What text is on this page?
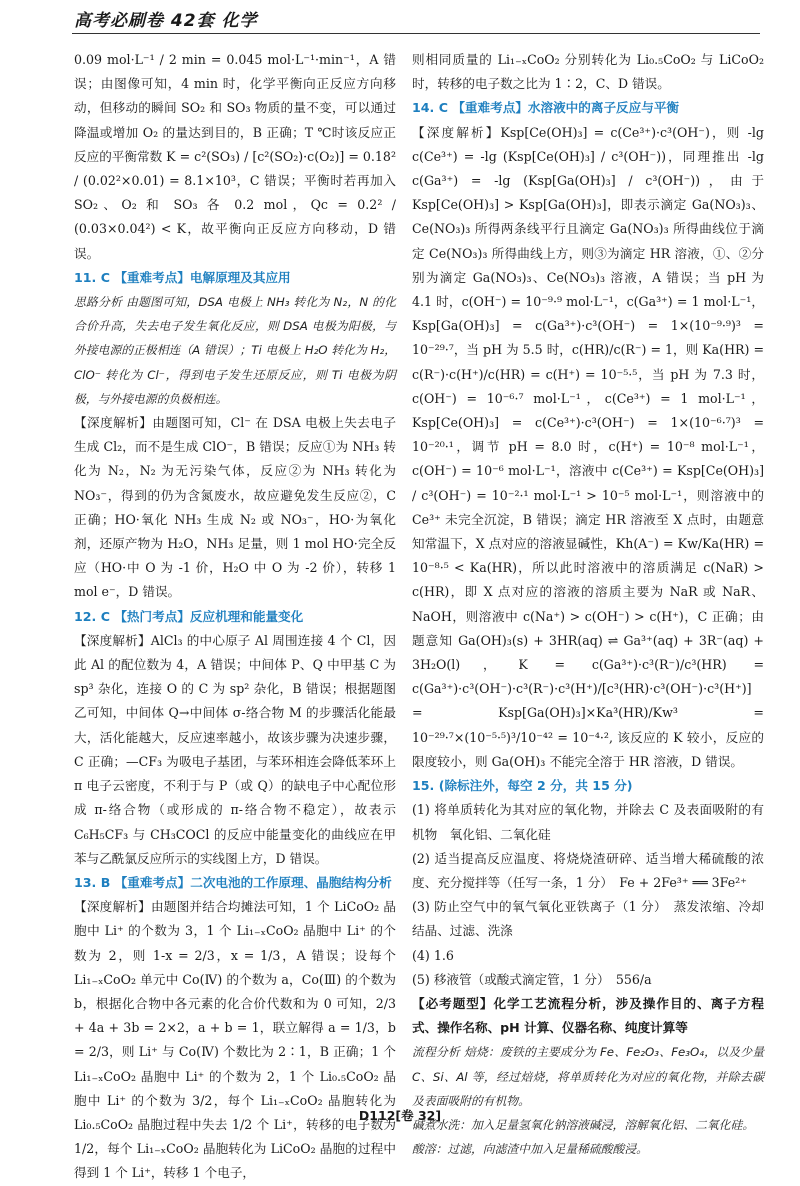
高考必刷卷 42套 化学

0.09 mol·L⁻¹ / 2 min = 0.045 mol·L⁻¹·min⁻¹，A 错误；由图像可知，4 min 时，化学平衡向正反应方向移动，但移动的瞬间 SO₂ 和 SO₃ 物质的量不变，可以通过降温或增加 O₂ 的量达到目的，B 正确；T ℃时该反应正反应的平衡常数 K = c²(SO₃) / [c²(SO₂)·c(O₂)] = 0.18² / (0.02²×0.01) = 8.1×10³，C 错误；平衡时若再加入 SO₂、O₂ 和 SO₃ 各 0.2 mol，Qc = 0.2² / (0.03×0.04²) < K，故平衡向正反应方向移动，D 错误。

11. C 【重难考点】电解原理及其应用

思路分析 由题图可知，DSA 电极上 NH₃ 转化为 N₂，N 的化合价升高，失去电子发生氧化反应，则 DSA 电极为阳极，与外接电源的正极相连（A 错误）；Ti 电极上 H₂O 转化为 H₂，ClO⁻ 转化为 Cl⁻，得到电子发生还原反应，则 Ti 电极为阴极，与外接电源的负极相连。

【深度解析】由题图可知，Cl⁻ 在 DSA 电极上失去电子生成 Cl₂，而不是生成 ClO⁻，B 错误；反应①为 NH₃ 转化为 N₂，N₂ 为无污染气体，反应②为 NH₃ 转化为 NO₃⁻，得到的仍为含氮废水，故应避免发生反应②，C 正确；HO·氧化 NH₃ 生成 N₂ 或 NO₃⁻，HO·为氧化剂，还原产物为 H₂O，NH₃ 足量，则 1 mol HO·完全反应（HO·中 O 为 -1 价，H₂O 中 O 为 -2 价），转移 1 mol e⁻，D 错误。

12. C 【热门考点】反应机理和能量变化

【深度解析】AlCl₃ 的中心原子 Al 周围连接 4 个 Cl，因此 Al 的配位数为 4，A 错误；中间体 P、Q 中甲基 C 为 sp³ 杂化，连接 O 的 C 为 sp² 杂化，B 错误；根据题图乙可知，中间体 Q→中间体 σ-络合物 M 的步骤活化能最大，活化能越大，反应速率越小，故该步骤为决速步骤，C 正确；—CF₃ 为吸电子基团，与苯环相连会降低苯环上 π 电子云密度，不利于与 P（或 Q）的缺电子中心配位形成 π-络合物（或形成的 π-络合物不稳定），故表示 C₆H₅CF₃ 与 CH₃COCl 的反应中能量变化的曲线应在甲苯与乙酰氯反应所示的实线图上方，D 错误。

13. B 【重难考点】二次电池的工作原理、晶胞结构分析

【深度解析】由题图并结合均摊法可知，1 个 LiCoO₂ 晶胞中 Li⁺ 的个数为 3，1 个 Li₁₋ₓCoO₂ 晶胞中 Li⁺ 的个数为 2，则 1-x = 2/3，x = 1/3，A 错误；设每个 Li₁₋ₓCoO₂ 单元中 Co(Ⅳ) 的个数为 a，Co(Ⅲ) 的个数为 b，根据化合物中各元素的化合价代数和为 0 可知，2/3 + 4a + 3b = 2×2，a + b = 1，联立解得 a = 1/3，b = 2/3，则 Li⁺ 与 Co(Ⅳ) 个数比为 2∶1，B 正确；1 个 Li₁₋ₓCoO₂ 晶胞中 Li⁺ 的个数为 2，1 个 Li₀.₅CoO₂ 晶胞中 Li⁺ 的个数为 3/2，每个 Li₁₋ₓCoO₂ 晶胞转化为 Li₀.₅CoO₂ 晶胞过程中失去 1/2 个 Li⁺，转移的电子数为 1/2，每个 Li₁₋ₓCoO₂ 晶胞转化为 LiCoO₂ 晶胞的过程中得到 1 个 Li⁺，转移 1 个电子，

则相同质量的 Li₁₋ₓCoO₂ 分别转化为 Li₀.₅CoO₂ 与 LiCoO₂ 时，转移的电子数之比为 1∶2，C、D 错误。

14. C 【重难考点】水溶液中的离子反应与平衡

【深度解析】Ksp[Ce(OH)₃] = c(Ce³⁺)·c³(OH⁻)，则 -lg c(Ce³⁺) = -lg (Ksp[Ce(OH)₃] / c³(OH⁻))，同理推出 -lg c(Ga³⁺) = -lg (Ksp[Ga(OH)₃] / c³(OH⁻))，由于 Ksp[Ce(OH)₃] > Ksp[Ga(OH)₃]，即表示滴定 Ga(NO₃)₃、Ce(NO₃)₃ 所得两条线平行且滴定 Ga(NO₃)₃ 所得曲线位于滴定 Ce(NO₃)₃ 所得曲线上方，则③为滴定 HR 溶液，①、②分别为滴定 Ga(NO₃)₃、Ce(NO₃)₃ 溶液，A 错误；当 pH 为 4.1 时，c(OH⁻) = 10⁻⁹·⁹ mol·L⁻¹，c(Ga³⁺) = 1 mol·L⁻¹，Ksp[Ga(OH)₃] = c(Ga³⁺)·c³(OH⁻) = 1×(10⁻⁹·⁹)³ = 10⁻²⁹·⁷，当 pH 为 5.5 时，c(HR)/c(R⁻) = 1，则 Ka(HR) = c(R⁻)·c(H⁺)/c(HR) = c(H⁺) = 10⁻⁵·⁵，当 pH 为 7.3 时，c(OH⁻) = 10⁻⁶·⁷ mol·L⁻¹，c(Ce³⁺) = 1 mol·L⁻¹，Ksp[Ce(OH)₃] = c(Ce³⁺)·c³(OH⁻) = 1×(10⁻⁶·⁷)³ = 10⁻²⁰·¹，调节 pH = 8.0 时，c(H⁺) = 10⁻⁸ mol·L⁻¹，c(OH⁻) = 10⁻⁶ mol·L⁻¹，溶液中 c(Ce³⁺) = Ksp[Ce(OH)₃] / c³(OH⁻) = 10⁻²·¹ mol·L⁻¹ > 10⁻⁵ mol·L⁻¹，则溶液中的 Ce³⁺ 未完全沉淀，B 错误；滴定 HR 溶液至 X 点时，由题意知常温下，X 点对应的溶液显碱性，Kh(A⁻) = Kw/Ka(HR) = 10⁻⁸·⁵ < Ka(HR)，所以此时溶液中的溶质满足 c(NaR) > c(HR)，即 X 点对应的溶液的溶质主要为 NaR 或 NaR、NaOH，则溶液中 c(Na⁺) > c(OH⁻) > c(H⁺)，C 正确；由题意知 Ga(OH)₃(s) + 3HR(aq) ⇌ Ga³⁺(aq) + 3R⁻(aq) + 3H₂O(l)，K = c(Ga³⁺)·c³(R⁻)/c³(HR) = c(Ga³⁺)·c³(OH⁻)·c³(R⁻)·c³(H⁺)/[c³(HR)·c³(OH⁻)·c³(H⁺)] = Ksp[Ga(OH)₃]×Ka³(HR)/Kw³ = 10⁻²⁹·⁷×(10⁻⁵·⁵)³/10⁻⁴² = 10⁻⁴·², 该反应的 K 较小，反应的限度较小，则 Ga(OH)₃ 不能完全溶于 HR 溶液，D 错误。

15. (除标注外，每空 2 分，共 15 分)

(1) 将单质转化为其对应的氧化物，并除去 C 及表面吸附的有机物　氧化铝、二氧化硅

(2) 适当提高反应温度、将烧烧渣研碎、适当增大稀硫酸的浓度、充分搅拌等（任写一条，1 分）　Fe + 2Fe³⁺ ══ 3Fe²⁺

(3) 防止空气中的氧气氧化亚铁离子（1 分）　蒸发浓缩、冷却结晶、过滤、洗涤

(4) 1.6

(5) 移液管（或酸式滴定管，1 分）　556/a

【必考题型】化学工艺流程分析，涉及操作目的、离子方程式、操作名称、pH 计算、仪器名称、纯度计算等

流程分析 焙烧：废铁的主要成分为 Fe、Fe₂O₃、Fe₃O₄，以及少量 C、Si、Al 等，经过焙烧，将单质转化为对应的氧化物，并除去碳及表面吸附的有机物。

碱煮水洗：加入足量氢氧化钠溶液碱浸，溶解氧化铝、二氧化硅。

酸溶：过滤，向滤渣中加入足量稀硫酸酸浸。

D112[卷 32]
